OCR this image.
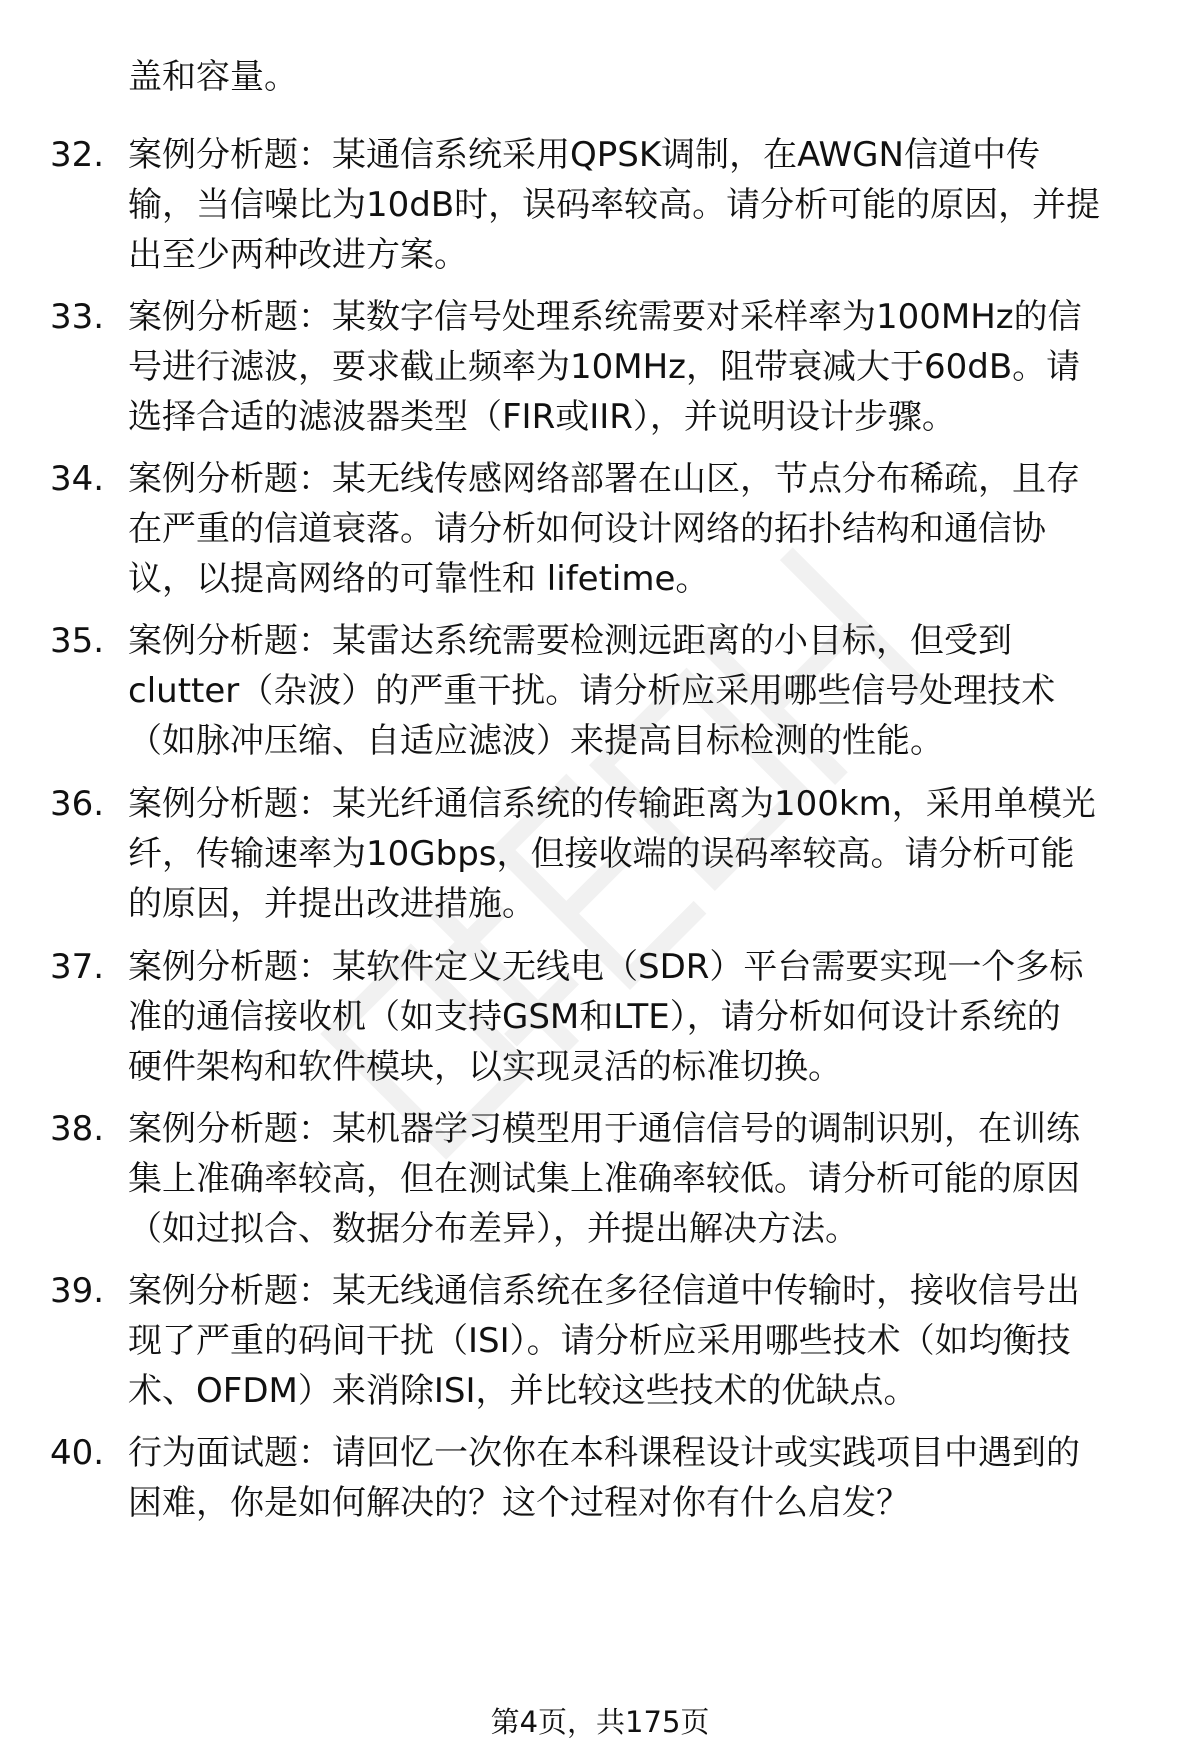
盖和容量。
32. 案例分析题：某通信系统采用QPSK调制，在AWGN信道中传
输，当信噪比为10dB时，误码率较高。请分析可能的原因，并提
出至少两种改进方案。
33. 案例分析题：某数字信号处理系统需要对采样率为100MHz的信
号进行滤波，要求截止频率为10MHz，阻带衰减大于60dB。请
选择合适的滤波器类型（FIR或IIR），并说明设计步骤。
34. 案例分析题：某无线传感网络部署在山区，节点分布稀疏，且存
在严重的信道衰落。请分析如何设计网络的拓扑结构和通信协
议，以提高网络的可靠性和 lifetime。
35. 案例分析题：某雷达系统需要检测远距离的小目标，但受到
clutter（杂波）的严重干扰。请分析应采用哪些信号处理技术
（如脉冲压缩、自适应滤波）来提高目标检测的性能。
36. 案例分析题：某光纤通信系统的传输距离为100km，采用单模光
纤，传输速率为10Gbps，但接收端的误码率较高。请分析可能
的原因，并提出改进措施。
37. 案例分析题：某软件定义无线电（SDR）平台需要实现一个多标
准的通信接收机（如支持GSM和LTE），请分析如何设计系统的
硬件架构和软件模块，以实现灵活的标准切换。
38. 案例分析题：某机器学习模型用于通信信号的调制识别，在训练
集上准确率较高，但在测试集上准确率较低。请分析可能的原因
（如过拟合、数据分布差异），并提出解决方法。
39. 案例分析题：某无线通信系统在多径信道中传输时，接收信号出
现了严重的码间干扰（ISI）。请分析应采用哪些技术（如均衡技
术、OFDM）来消除ISI，并比较这些技术的优缺点。
40. 行为面试题：请回忆一次你在本科课程设计或实践项目中遇到的
困难，你是如何解决的？这个过程对你有什么启发？
第4页，共175页
